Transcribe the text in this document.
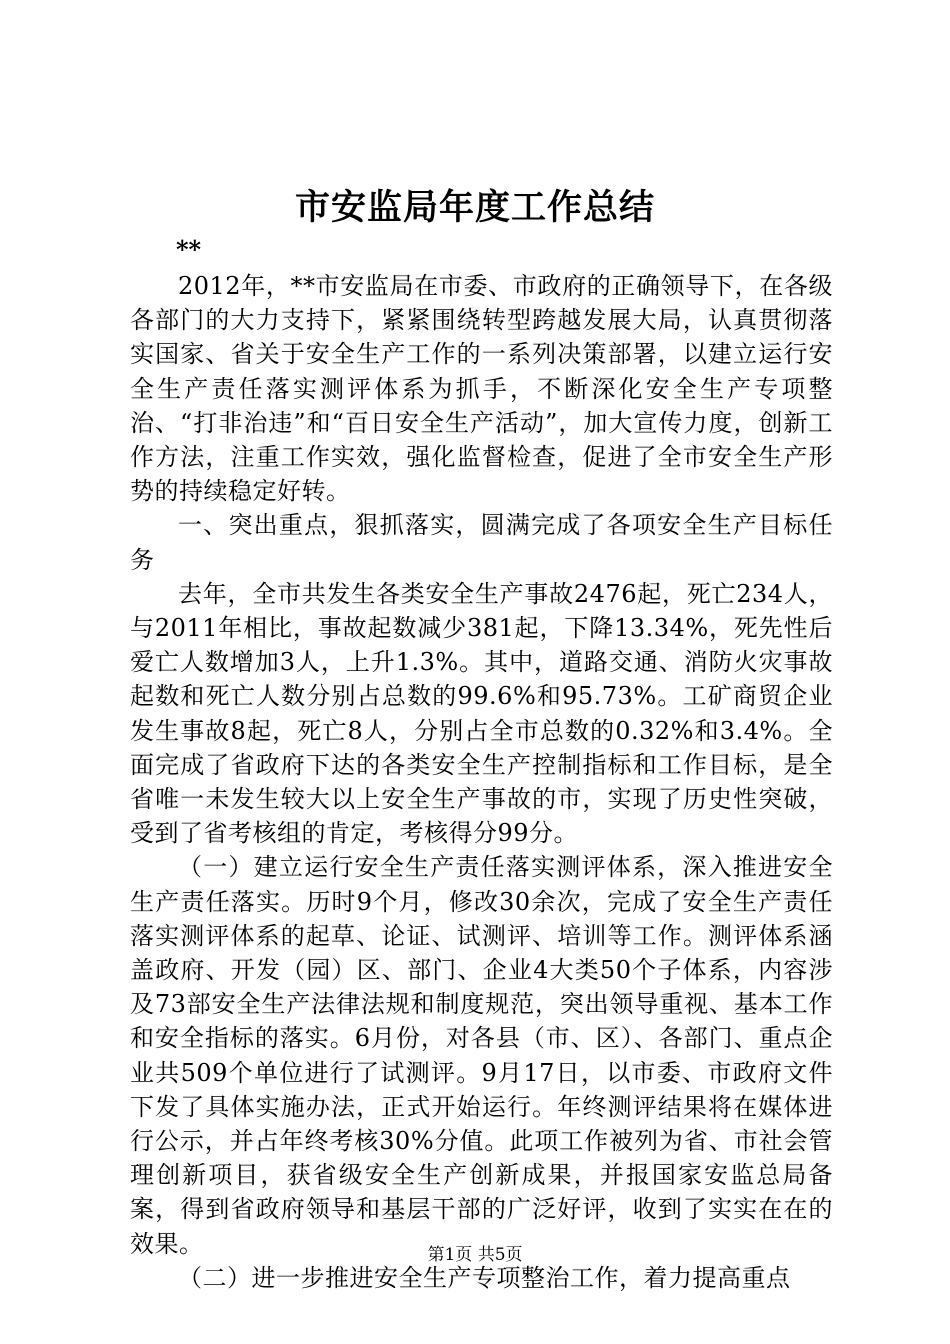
市安监局年度工作总结
**

2012年，**市安监局在市委、市政府的正确领导下，在各级各部门的大力支持下，紧紧围绕转型跨越发展大局，认真贯彻落实国家、省关于安全生产工作的一系列决策部署，以建立运行安全生产责任落实测评体系为抓手，不断深化安全生产专项整治、“打非治违”和“百日安全生产活动”，加大宣传力度，创新工作方法，注重工作实效，强化监督检查，促进了全市安全生产形势的持续稳定好转。

一、突出重点，狠抓落实，圆满完成了各项安全生产目标任务

去年，全市共发生各类安全生产事故2476起，死亡234人，与2011年相比，事故起数减少381起，下降13.34%，死先性后爱亡人数增加3人，上升1.3%。其中，道路交通、消防火灾事故起数和死亡人数分别占总数的99.6%和95.73%。工矿商贸企业发生事故8起，死亡8人，分别占全市总数的0.32%和3.4%。全面完成了省政府下达的各类安全生产控制指标和工作目标，是全省唯一未发生较大以上安全生产事故的市，实现了历史性突破，受到了省考核组的肯定，考核得分99分。

（一）建立运行安全生产责任落实测评体系，深入推进安全生产责任落实。历时9个月，修改30余次，完成了安全生产责任落实测评体系的起草、论证、试测评、培训等工作。测评体系涵盖政府、开发（园）区、部门、企业4大类50个子体系，内容涉及73部安全生产法律法规和制度规范，突出领导重视、基本工作和安全指标的落实。6月份，对各县（市、区）、各部门、重点企业共509个单位进行了试测评。9月17日，以市委、市政府文件下发了具体实施办法，正式开始运行。年终测评结果将在媒体进行公示，并占年终考核30%分值。此项工作被列为省、市社会管理创新项目，获省级安全生产创新成果，并报国家安监总局备案，得到省政府领导和基层干部的广泛好评，收到了实实在在的效果。

（二）进一步推进安全生产专项整治工作，着力提高重点

第1页 共5页
